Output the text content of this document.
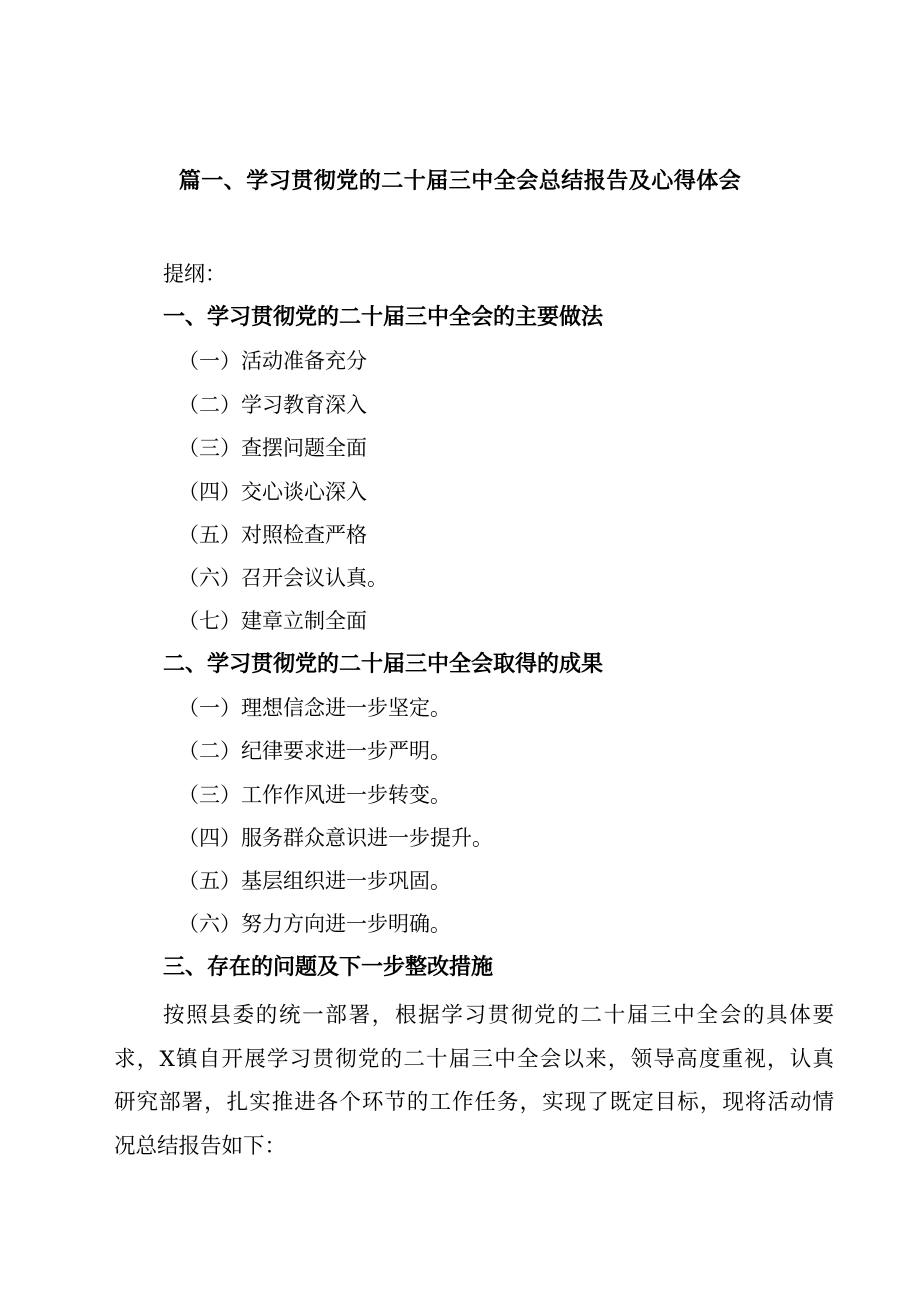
篇一、学习贯彻党的二十届三中全会总结报告及心得体会
提纲：
一、学习贯彻党的二十届三中全会的主要做法
（一）活动准备充分
（二）学习教育深入
（三）查摆问题全面
（四）交心谈心深入
（五）对照检查严格
（六）召开会议认真。
（七）建章立制全面
二、学习贯彻党的二十届三中全会取得的成果
（一）理想信念进一步坚定。
（二）纪律要求进一步严明。
（三）工作作风进一步转变。
（四）服务群众意识进一步提升。
（五）基层组织进一步巩固。
（六）努力方向进一步明确。
三、存在的问题及下一步整改措施
按照县委的统一部署，根据学习贯彻党的二十届三中全会的具体要
求，X镇自开展学习贯彻党的二十届三中全会以来，领导高度重视，认真
研究部署，扎实推进各个环节的工作任务，实现了既定目标，现将活动情
况总结报告如下：
